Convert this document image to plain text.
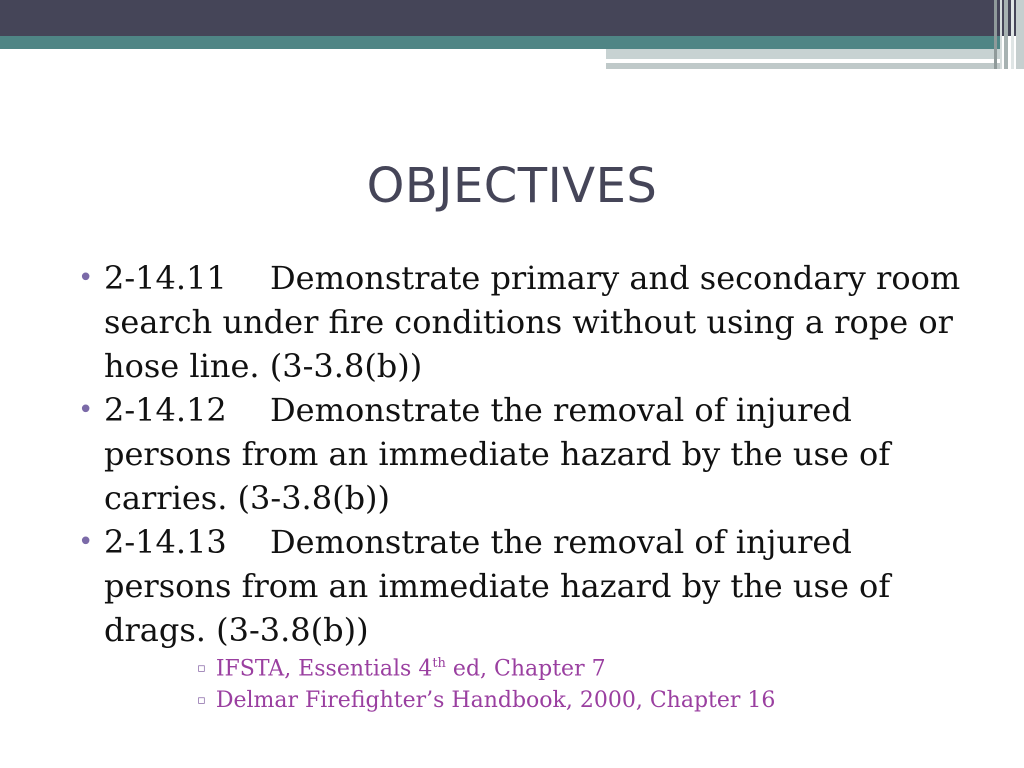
OBJECTIVES
• 2-14.11 Demonstrate primary and secondary room search under fire conditions without using a rope or hose line. (3-3.8(b))
• 2-14.12 Demonstrate the removal of injured persons from an immediate hazard by the use of carries. (3-3.8(b))
• 2-14.13 Demonstrate the removal of injured persons from an immediate hazard by the use of drags. (3-3.8(b))
▫ IFSTA, Essentials 4th ed, Chapter 7
▫ Delmar Firefighter’s Handbook, 2000, Chapter 16
